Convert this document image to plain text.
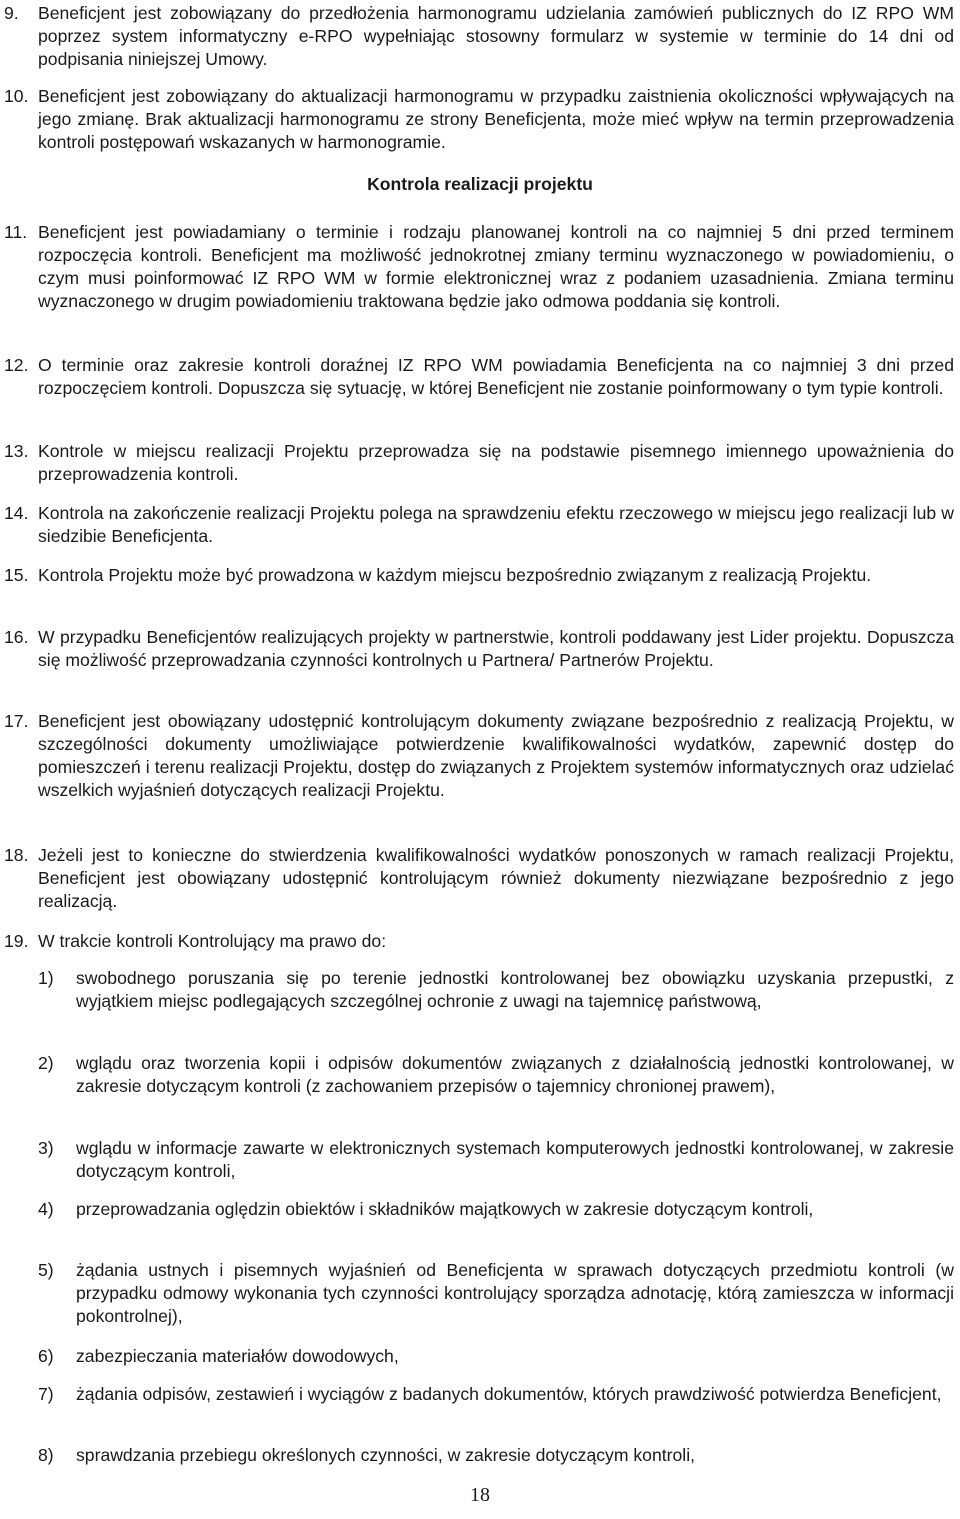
9. Beneficjent jest zobowiązany do przedłożenia harmonogramu udzielania zamówień publicznych do IZ RPO WM poprzez system informatyczny e-RPO wypełniając stosowny formularz w systemie w terminie do 14 dni od podpisania niniejszej Umowy.
10. Beneficjent jest zobowiązany do aktualizacji harmonogramu w przypadku zaistnienia okoliczności wpływających na jego zmianę. Brak aktualizacji harmonogramu ze strony Beneficjenta, może mieć wpływ na termin przeprowadzenia kontroli postępowań wskazanych w harmonogramie.
Kontrola realizacji projektu
11. Beneficjent jest powiadamiany o terminie i rodzaju planowanej kontroli na co najmniej 5 dni przed terminem rozpoczęcia kontroli. Beneficjent ma możliwość jednokrotnej zmiany terminu wyznaczonego w powiadomieniu, o czym musi poinformować IZ RPO WM w formie elektronicznej wraz z podaniem uzasadnienia. Zmiana terminu wyznaczonego w drugim powiadomieniu traktowana będzie jako odmowa poddania się kontroli.
12. O terminie oraz zakresie kontroli doraźnej IZ RPO WM powiadamia Beneficjenta na co najmniej 3 dni przed rozpoczęciem kontroli. Dopuszcza się sytuację, w której Beneficjent nie zostanie poinformowany o tym typie kontroli.
13. Kontrole w miejscu realizacji Projektu przeprowadza się na podstawie pisemnego imiennego upoważnienia do przeprowadzenia kontroli.
14. Kontrola na zakończenie realizacji Projektu polega na sprawdzeniu efektu rzeczowego w miejscu jego realizacji lub w siedzibie Beneficjenta.
15. Kontrola Projektu może być prowadzona w każdym miejscu bezpośrednio związanym z realizacją Projektu.
16. W przypadku Beneficjentów realizujących projekty w partnerstwie, kontroli poddawany jest Lider projektu. Dopuszcza się możliwość przeprowadzania czynności kontrolnych u Partnera/ Partnerów Projektu.
17. Beneficjent jest obowiązany udostępnić kontrolującym dokumenty związane bezpośrednio z realizacją Projektu, w szczególności dokumenty umożliwiające potwierdzenie kwalifikowalności wydatków, zapewnić dostęp do pomieszczeń i terenu realizacji Projektu, dostęp do związanych z Projektem systemów informatycznych oraz udzielać wszelkich wyjaśnień dotyczących realizacji Projektu.
18. Jeżeli jest to konieczne do stwierdzenia kwalifikowalności wydatków ponoszonych w ramach realizacji Projektu, Beneficjent jest obowiązany udostępnić kontrolującym również dokumenty niezwiązane bezpośrednio z jego realizacją.
19. W trakcie kontroli Kontrolujący ma prawo do:
1) swobodnego poruszania się po terenie jednostki kontrolowanej bez obowiązku uzyskania przepustki, z wyjątkiem miejsc podlegających szczególnej ochronie z uwagi na tajemnicę państwową,
2) wglądu oraz tworzenia kopii i odpisów dokumentów związanych z działalnością jednostki kontrolowanej, w zakresie dotyczącym kontroli (z zachowaniem przepisów o tajemnicy chronionej prawem),
3) wglądu w informacje zawarte w elektronicznych systemach komputerowych jednostki kontrolowanej, w zakresie dotyczącym kontroli,
4) przeprowadzania oględzin obiektów i składników majątkowych w zakresie dotyczącym kontroli,
5) żądania ustnych i pisemnych wyjaśnień od Beneficjenta w sprawach dotyczących przedmiotu kontroli (w przypadku odmowy wykonania tych czynności kontrolujący sporządza adnotację, którą zamieszcza w informacji pokontrolnej),
6) zabezpieczania materiałów dowodowych,
7) żądania odpisów, zestawień i wyciągów z badanych dokumentów, których prawdziwość potwierdza Beneficjent,
8) sprawdzania przebiegu określonych czynności, w zakresie dotyczącym kontroli,
18
